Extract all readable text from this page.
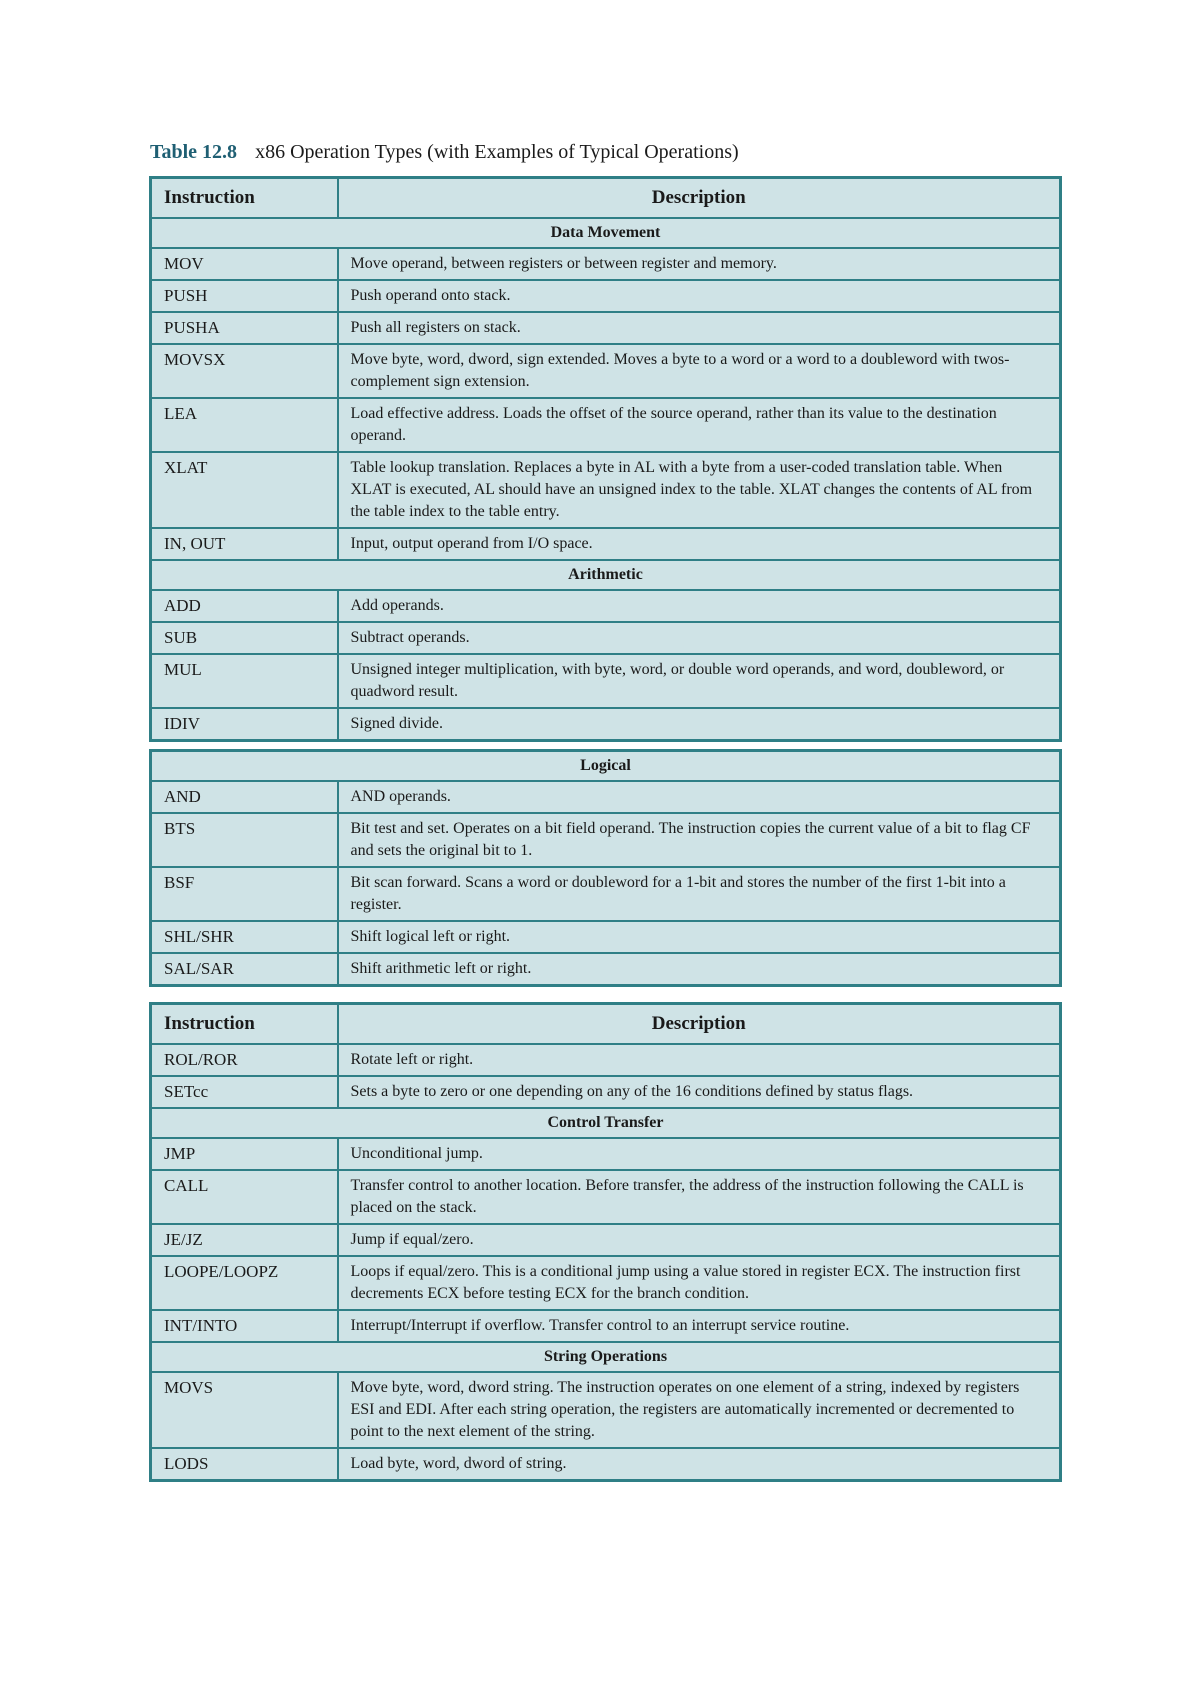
Table 12.8 x86 Operation Types (with Examples of Typical Operations)
Instruction	Description
Data Movement	
MOV	Move operand, between registers or between register and memory.
PUSH	Push operand onto stack.
PUSHA	Push all registers on stack.
MOVSX	Move byte, word, dword, sign extended. Moves a byte to a word or a word to a doubleword with twos-complement sign extension.
LEA	Load effective address. Loads the offset of the source operand, rather than its value to the destination operand.
XLAT	Table lookup translation. Replaces a byte in AL with a byte from a user-coded translation table. When XLAT is executed, AL should have an unsigned index to the table. XLAT changes the contents of AL from the table index to the table entry.
IN, OUT	Input, output operand from I/O space.
Arithmetic	
ADD	Add operands.
SUB	Subtract operands.
MUL	Unsigned integer multiplication, with byte, word, or double word operands, and word, doubleword, or quadword result.
IDIV	Signed divide.
Logical	
AND	AND operands.
BTS	Bit test and set. Operates on a bit field operand. The instruction copies the current value of a bit to flag CF and sets the original bit to 1.
BSF	Bit scan forward. Scans a word or doubleword for a 1-bit and stores the number of the first 1-bit into a register.
SHL/SHR	Shift logical left or right.
SAL/SAR	Shift arithmetic left or right.
Instruction	Description
ROL/ROR	Rotate left or right.
SETcc	Sets a byte to zero or one depending on any of the 16 conditions defined by status flags.
Control Transfer	
JMP	Unconditional jump.
CALL	Transfer control to another location. Before transfer, the address of the instruction following the CALL is placed on the stack.
JE/JZ	Jump if equal/zero.
LOOPE/LOOPZ	Loops if equal/zero. This is a conditional jump using a value stored in register ECX. The instruction first decrements ECX before testing ECX for the branch condition.
INT/INTO	Interrupt/Interrupt if overflow. Transfer control to an interrupt service routine.
String Operations	
MOVS	Move byte, word, dword string. The instruction operates on one element of a string, indexed by registers ESI and EDI. After each string operation, the registers are automatically incremented or decremented to point to the next element of the string.
LODS	Load byte, word, dword of string.
